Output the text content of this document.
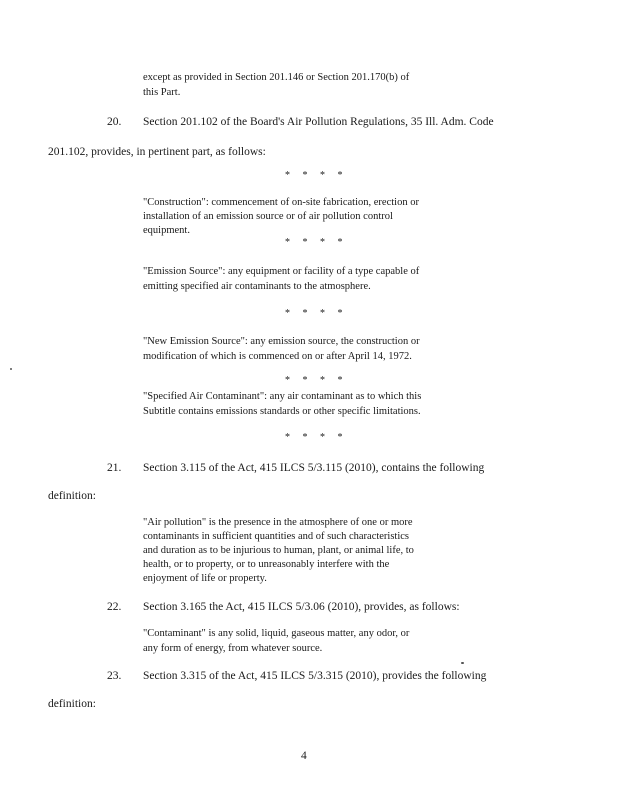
except as provided in Section 201.146 or Section 201.170(b) of
this Part.
20. Section 201.102 of the Board's Air Pollution Regulations, 35 Ill. Adm. Code
201.102, provides, in pertinent part, as follows:
* * * *
"Construction": commencement of on-site fabrication, erection or
installation of an emission source or of air pollution control
equipment.
* * * *
"Emission Source": any equipment or facility of a type capable of
emitting specified air contaminants to the atmosphere.
* * * *
"New Emission Source": any emission source, the construction or
modification of which is commenced on or after April 14, 1972.
* * * *
"Specified Air Contaminant": any air contaminant as to which this
Subtitle contains emissions standards or other specific limitations.
* * * *
21. Section 3.115 of the Act, 415 ILCS 5/3.115 (2010), contains the following
definition:
"Air pollution" is the presence in the atmosphere of one or more
contaminants in sufficient quantities and of such characteristics
and duration as to be injurious to human, plant, or animal life, to
health, or to property, or to unreasonably interfere with the
enjoyment of life or property.
22. Section 3.165 the Act, 415 ILCS 5/3.06 (2010), provides, as follows:
"Contaminant" is any solid, liquid, gaseous matter, any odor, or
any form of energy, from whatever source.
23. Section 3.315 of the Act, 415 ILCS 5/3.315 (2010), provides the following
definition:
4
